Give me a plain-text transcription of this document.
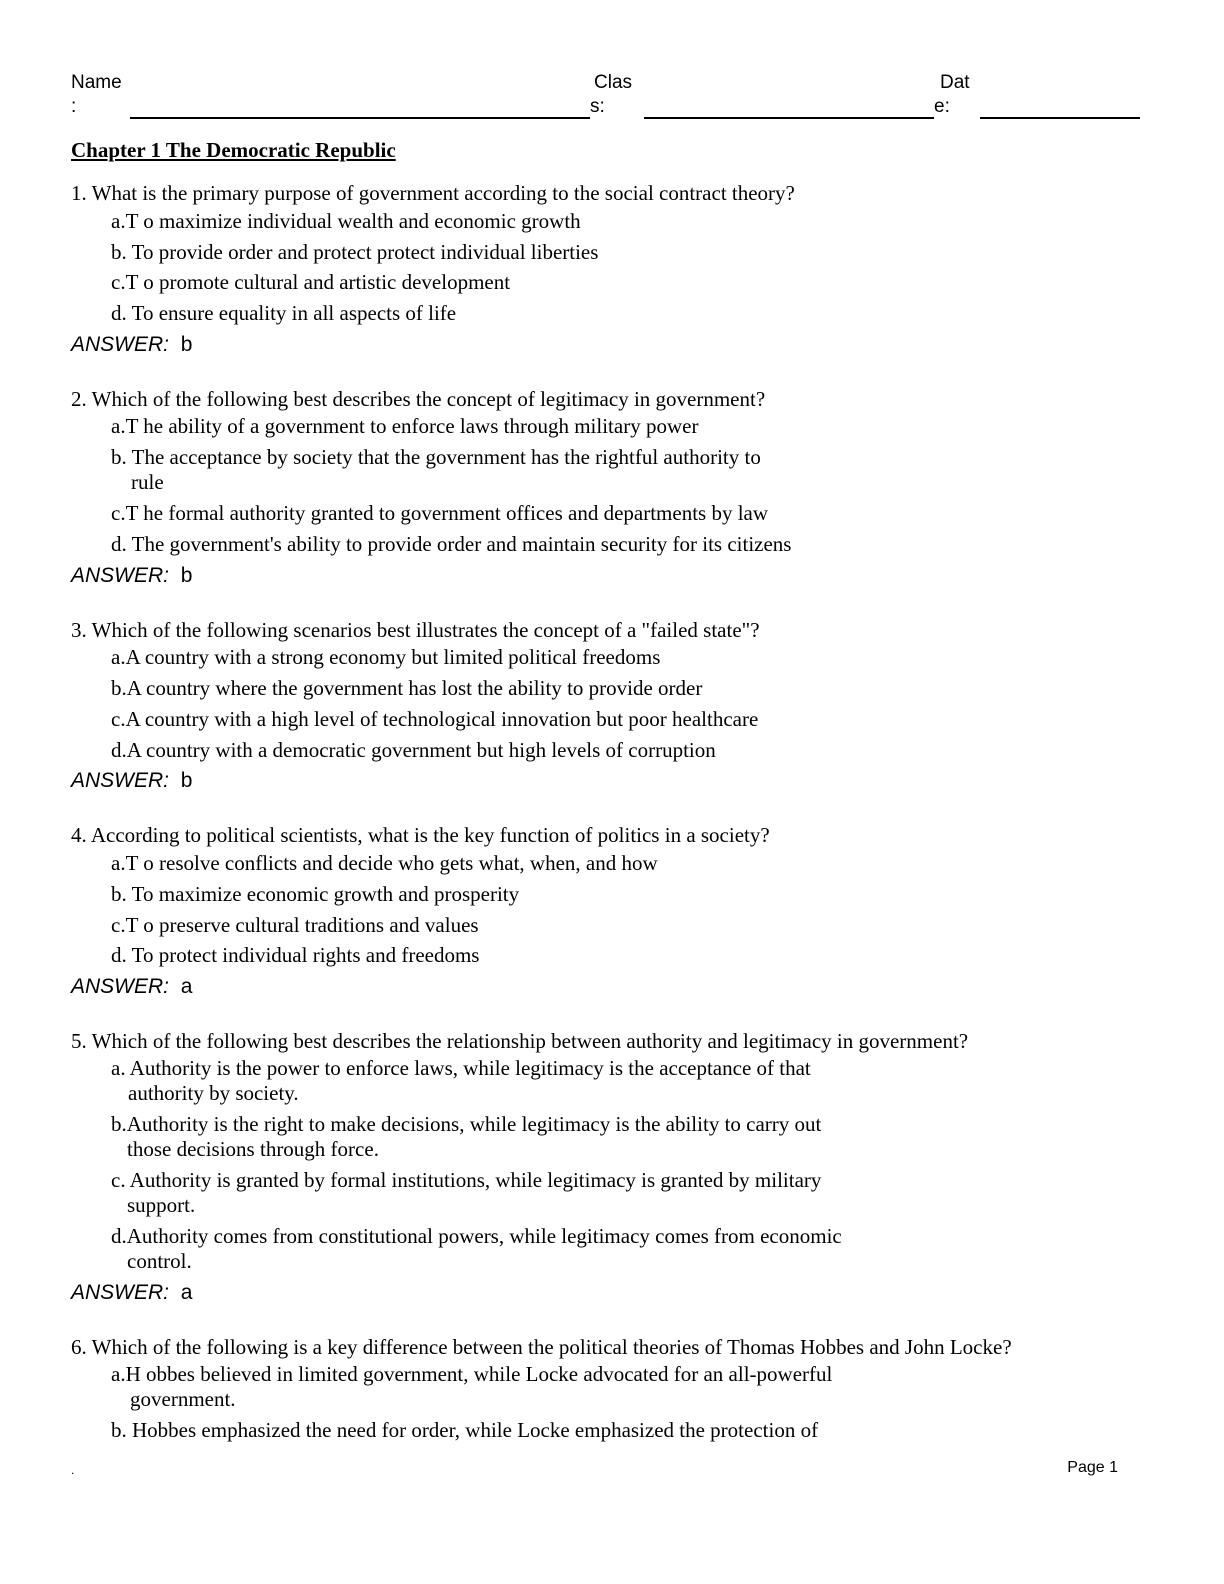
Name
:
Clas
s:
Dat
e:
Chapter 1 The Democratic Republic
1. What is the primary purpose of government according to the social contract theory?
a.T o maximize individual wealth and economic growth
b. To provide order and protect protect individual liberties
c.T o promote cultural and artistic development
d. To ensure equality in all aspects of life
ANSWER: b
2. Which of the following best describes the concept of legitimacy in government?
a.T he ability of a government to enforce laws through military power
b. The acceptance by society that the government has the rightful authority to
rule
c.T he formal authority granted to government offices and departments by law
d. The government's ability to provide order and maintain security for its citizens
ANSWER: b
3. Which of the following scenarios best illustrates the concept of a "failed state"?
a.A country with a strong economy but limited political freedoms
b.A country where the government has lost the ability to provide order
c.A country with a high level of technological innovation but poor healthcare
d.A country with a democratic government but high levels of corruption
ANSWER: b
4. According to political scientists, what is the key function of politics in a society?
a.T o resolve conflicts and decide who gets what, when, and how
b. To maximize economic growth and prosperity
c.T o preserve cultural traditions and values
d. To protect individual rights and freedoms
ANSWER: a
5. Which of the following best describes the relationship between authority and legitimacy in government?
a. Authority is the power to enforce laws, while legitimacy is the acceptance of that
authority by society.
b.Authority is the right to make decisions, while legitimacy is the ability to carry out
those decisions through force.
c. Authority is granted by formal institutions, while legitimacy is granted by military
support.
d.Authority comes from constitutional powers, while legitimacy comes from economic
control.
ANSWER: a
6. Which of the following is a key difference between the political theories of Thomas Hobbes and John Locke?
a.H obbes believed in limited government, while Locke advocated for an all-powerful
government.
b. Hobbes emphasized the need for order, while Locke emphasized the protection of
.	Page 1
